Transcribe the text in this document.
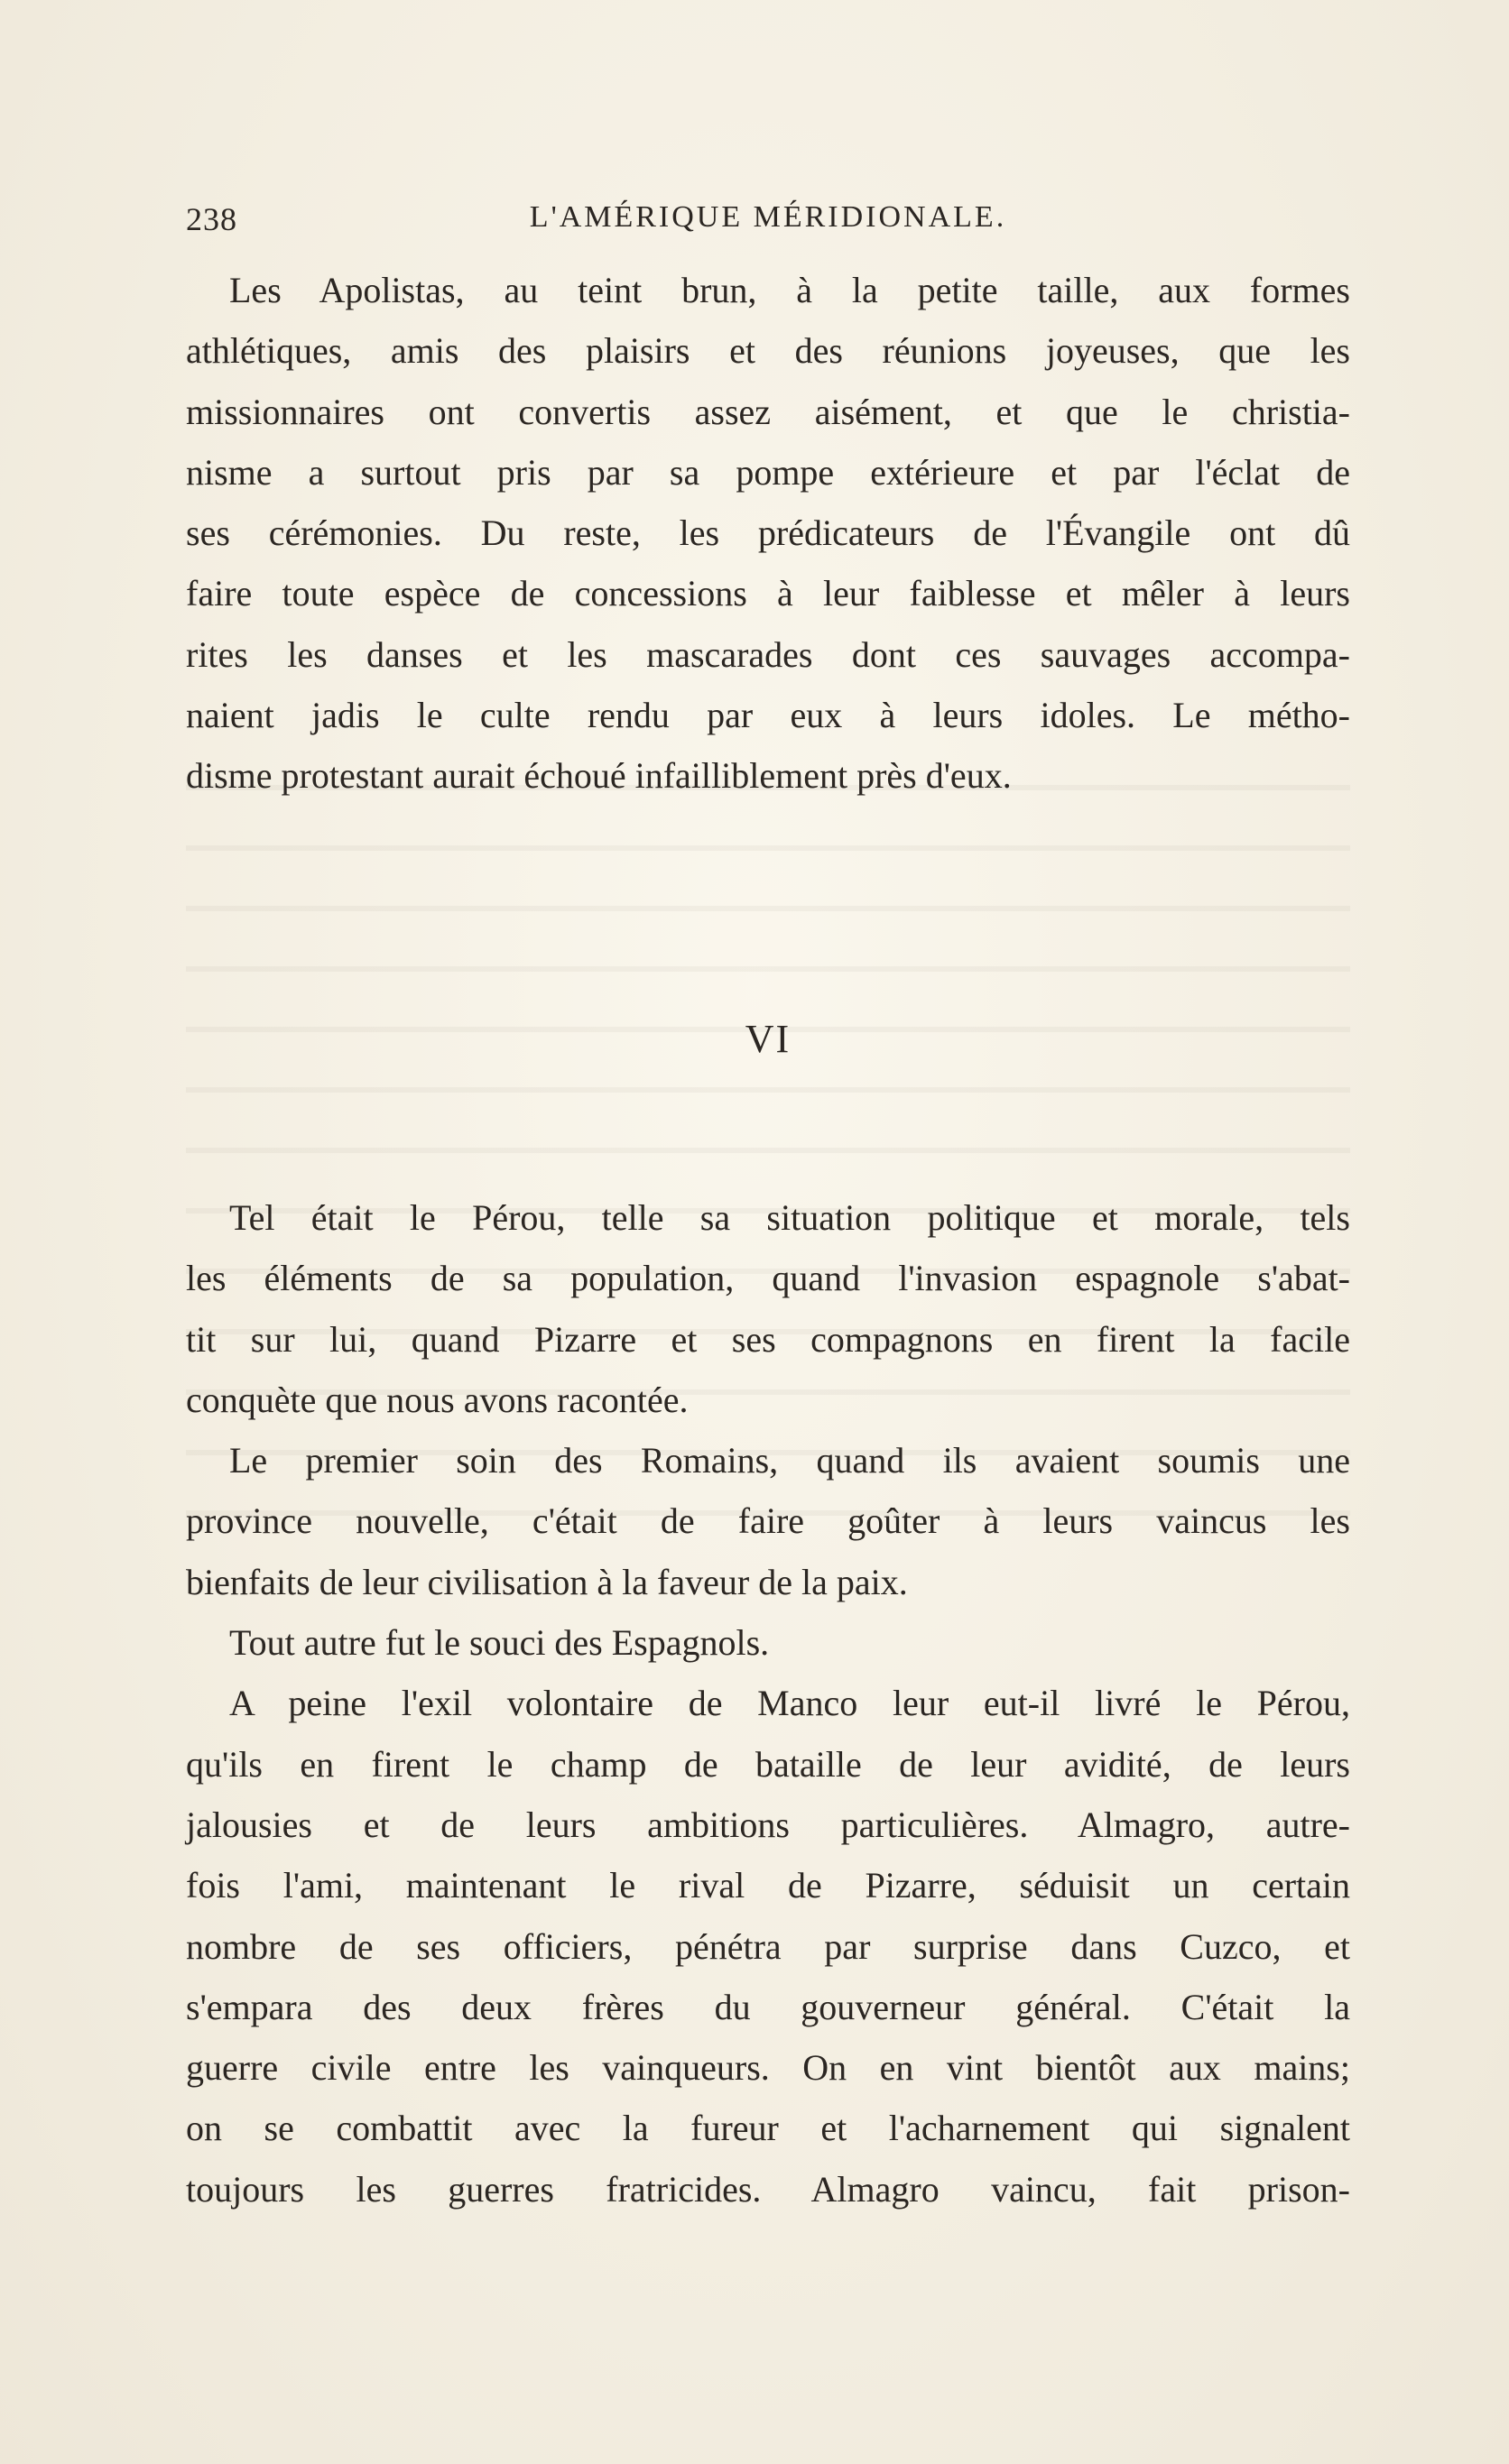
238	L'AMÉRIQUE MÉRIDIONALE.
Les Apolistas, au teint brun, à la petite taille, aux formes
athlétiques, amis des plaisirs et des réunions joyeuses, que les
missionnaires ont convertis assez aisément, et que le christia-
nisme a surtout pris par sa pompe extérieure et par l'éclat de
ses cérémonies. Du reste, les prédicateurs de l'Évangile ont dû
faire toute espèce de concessions à leur faiblesse et mêler à leurs
rites les danses et les mascarades dont ces sauvages accompa-
naient jadis le culte rendu par eux à leurs idoles. Le métho-
disme protestant aurait échoué infailliblement près d'eux.
VI
Tel était le Pérou, telle sa situation politique et morale, tels
les éléments de sa population, quand l'invasion espagnole s'abat-
tit sur lui, quand Pizarre et ses compagnons en firent la facile
conquète que nous avons racontée.
Le premier soin des Romains, quand ils avaient soumis une
province nouvelle, c'était de faire goûter à leurs vaincus les
bienfaits de leur civilisation à la faveur de la paix.
Tout autre fut le souci des Espagnols.
A peine l'exil volontaire de Manco leur eut-il livré le Pérou,
qu'ils en firent le champ de bataille de leur avidité, de leurs
jalousies et de leurs ambitions particulières. Almagro, autre-
fois l'ami, maintenant le rival de Pizarre, séduisit un certain
nombre de ses officiers, pénétra par surprise dans Cuzco, et
s'empara des deux frères du gouverneur général. C'était la
guerre civile entre les vainqueurs. On en vint bientôt aux mains;
on se combattit avec la fureur et l'acharnement qui signalent
toujours les guerres fratricides. Almagro vaincu, fait prison-
